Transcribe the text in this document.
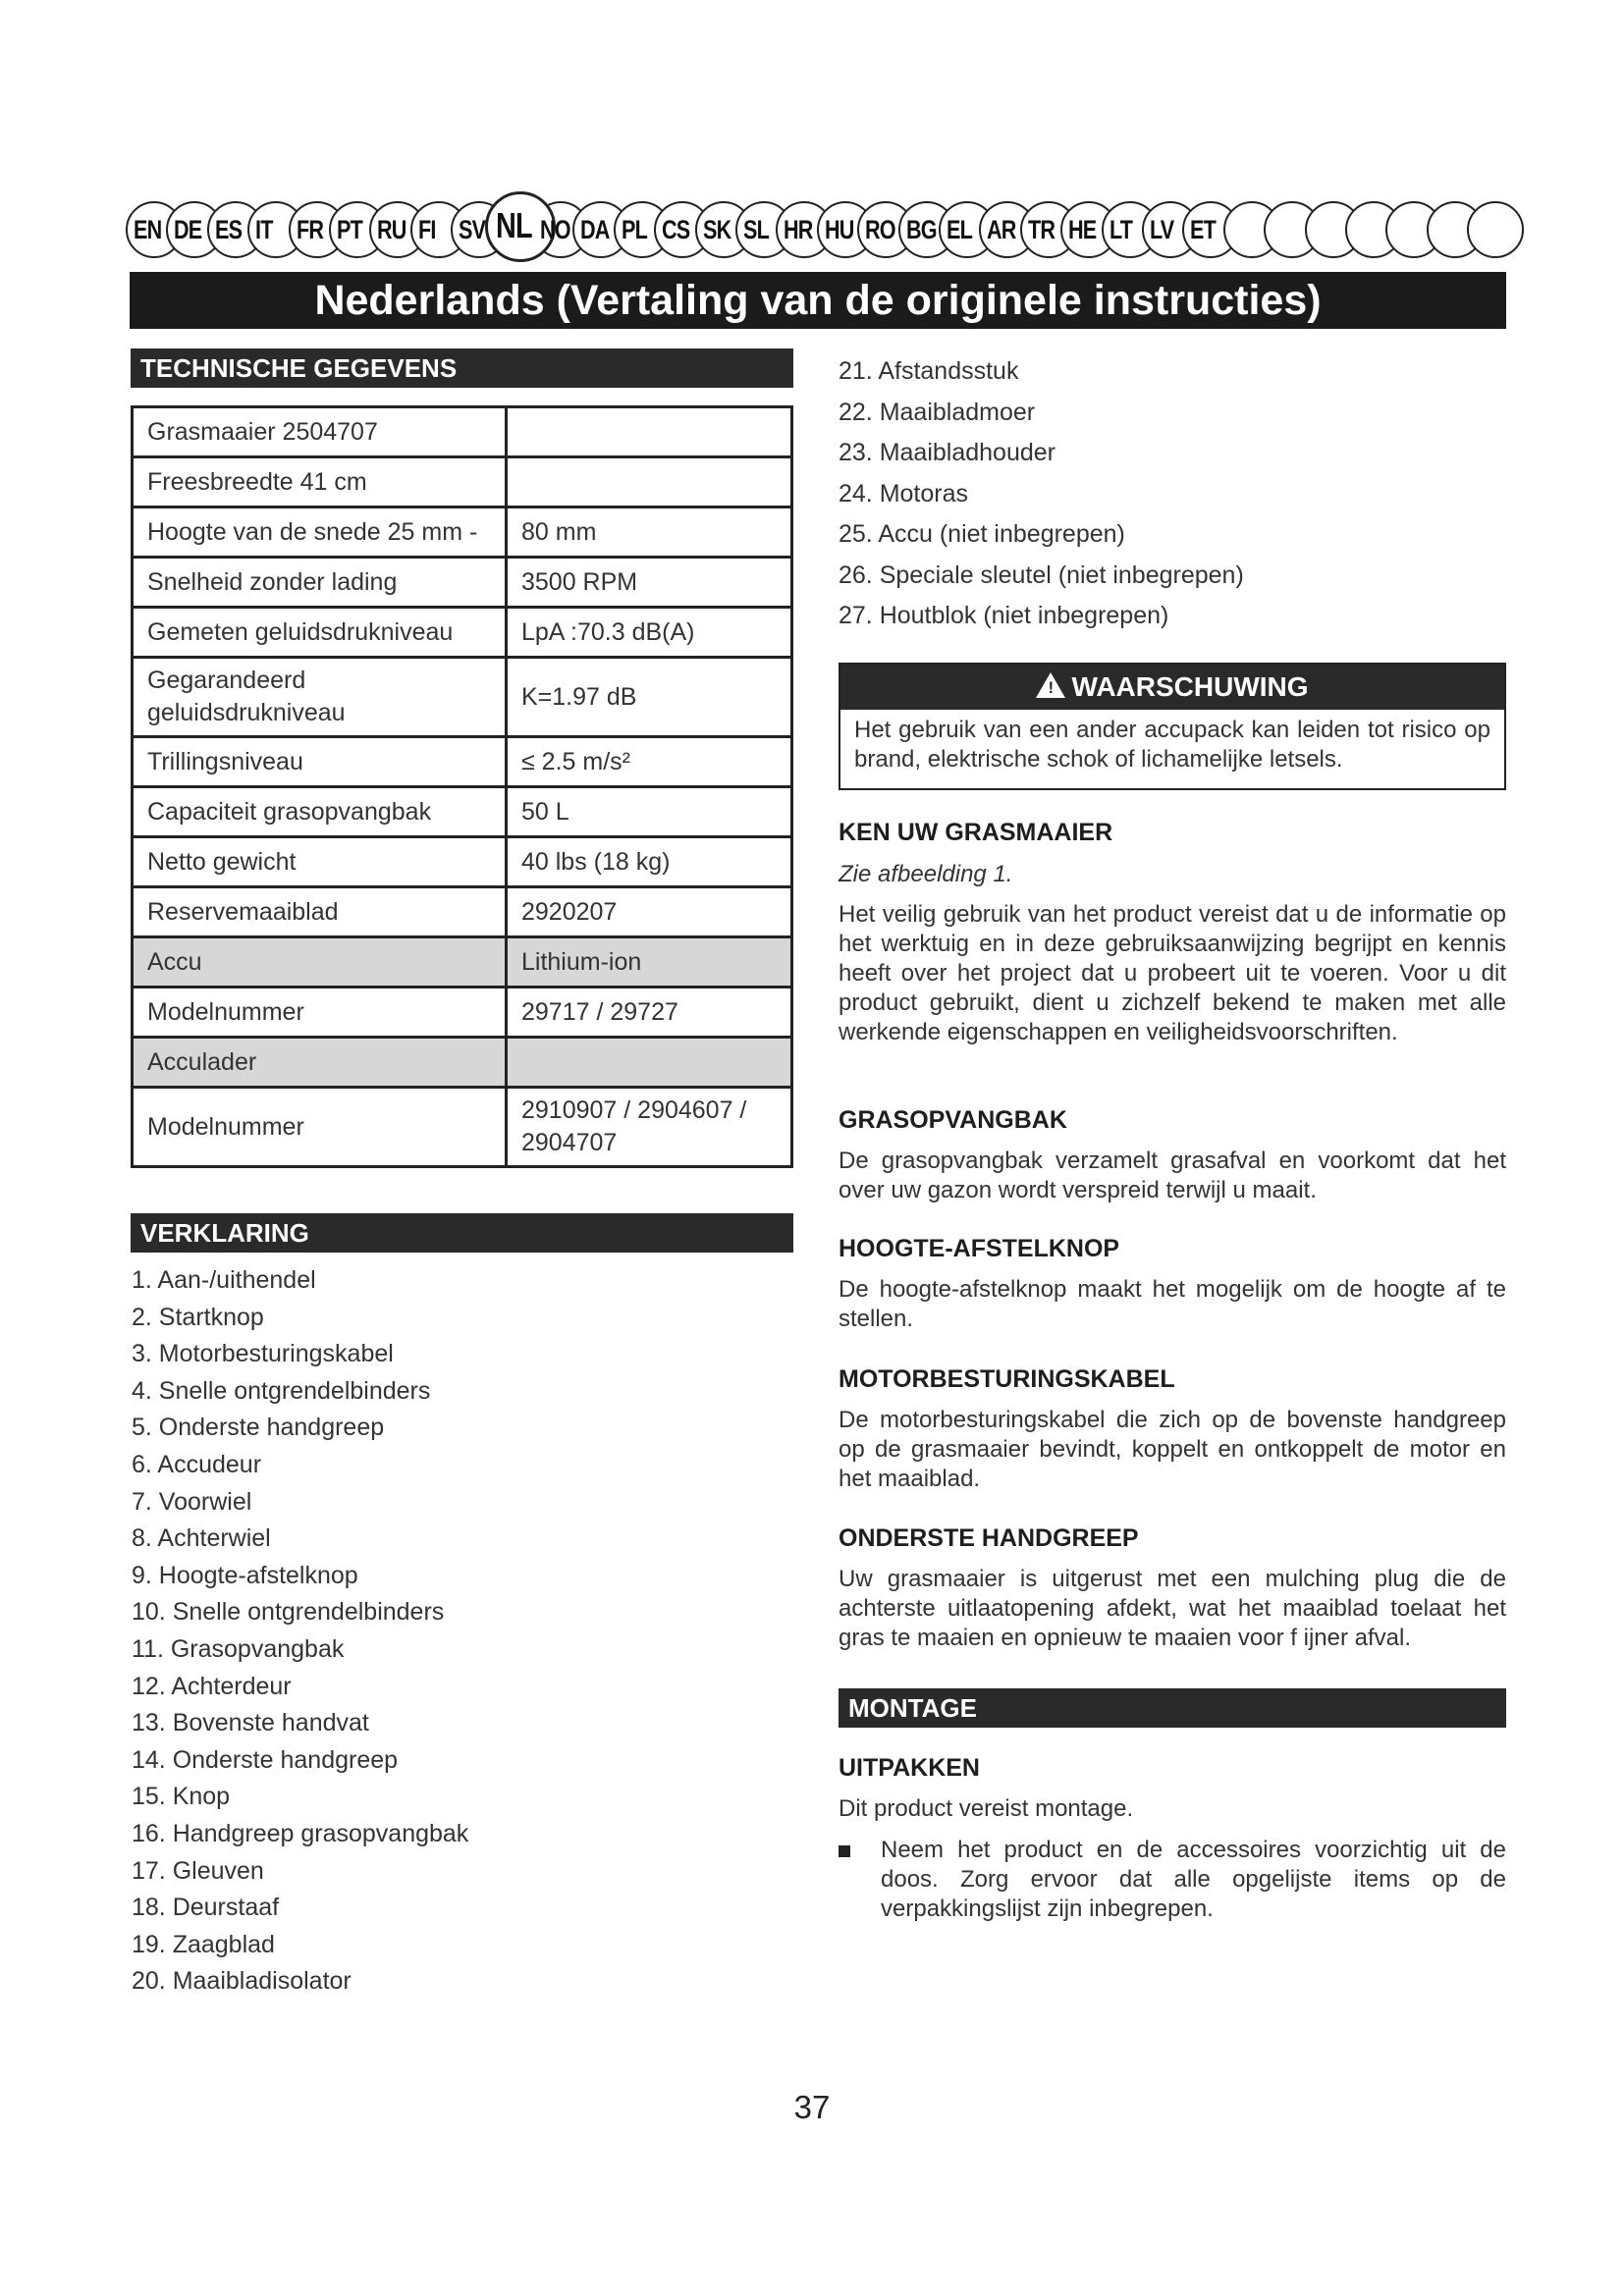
EN DE ES IT FR PT RU FI SV NL NO DA PL CS SK SL HR HU RO BG EL AR TR HE LT LV ET
Nederlands (Vertaling van de originele instructies)
TECHNISCHE GEGEVENS
Grasmaaier 2504707	
Freesbreedte 41 cm	
Hoogte van de snede 25 mm -	80 mm
Snelheid zonder lading	3500 RPM
Gemeten geluidsdrukniveau	LpA :70.3 dB(A)
Gegarandeerd geluidsdrukniveau	K=1.97 dB
Trillingsniveau	≤ 2.5 m/s²
Capaciteit grasopvangbak	50 L
Netto gewicht	40 lbs (18 kg)
Reservemaaiblad	2920207
Accu	Lithium-ion
Modelnummer	29717 / 29727
Acculader	
Modelnummer	2910907 / 2904607 / 2904707
VERKLARING
1. Aan-/uithendel
2. Startknop
3. Motorbesturingskabel
4. Snelle ontgrendelbinders
5. Onderste handgreep
6. Accudeur
7. Voorwiel
8. Achterwiel
9. Hoogte-afstelknop
10. Snelle ontgrendelbinders
11. Grasopvangbak
12. Achterdeur
13. Bovenste handvat
14. Onderste handgreep
15. Knop
16. Handgreep grasopvangbak
17. Gleuven
18. Deurstaaf
19. Zaagblad
20. Maaibladisolator
21. Afstandsstuk
22. Maaibladmoer
23. Maaibladhouder
24. Motoras
25. Accu (niet inbegrepen)
26. Speciale sleutel (niet inbegrepen)
27. Houtblok (niet inbegrepen)
! WAARSCHUWING
Het gebruik van een ander accupack kan leiden tot risico op brand, elektrische schok of lichamelijke letsels.
KEN UW GRASMAAIER
Zie afbeelding 1.
Het veilig gebruik van het product vereist dat u de informatie op het werktuig en in deze gebruiksaanwijzing begrijpt en kennis heeft over het project dat u probeert uit te voeren. Voor u dit product gebruikt, dient u zichzelf bekend te maken met alle werkende eigenschappen en veiligheidsvoorschriften.
GRASOPVANGBAK
De grasopvangbak verzamelt grasafval en voorkomt dat het over uw gazon wordt verspreid terwijl u maait.
HOOGTE-AFSTELKNOP
De hoogte-afstelknop maakt het mogelijk om de hoogte af te stellen.
MOTORBESTURINGSKABEL
De motorbesturingskabel die zich op de bovenste handgreep op de grasmaaier bevindt, koppelt en ontkoppelt de motor en het maaiblad.
ONDERSTE HANDGREEP
Uw grasmaaier is uitgerust met een mulching plug die de achterste uitlaatopening afdekt, wat het maaiblad toelaat het gras te maaien en opnieuw te maaien voor f ijner afval.
MONTAGE
UITPAKKEN
Dit product vereist montage.
Neem het product en de accessoires voorzichtig uit de doos. Zorg ervoor dat alle opgelijste items op de verpakkingslijst zijn inbegrepen.
37
